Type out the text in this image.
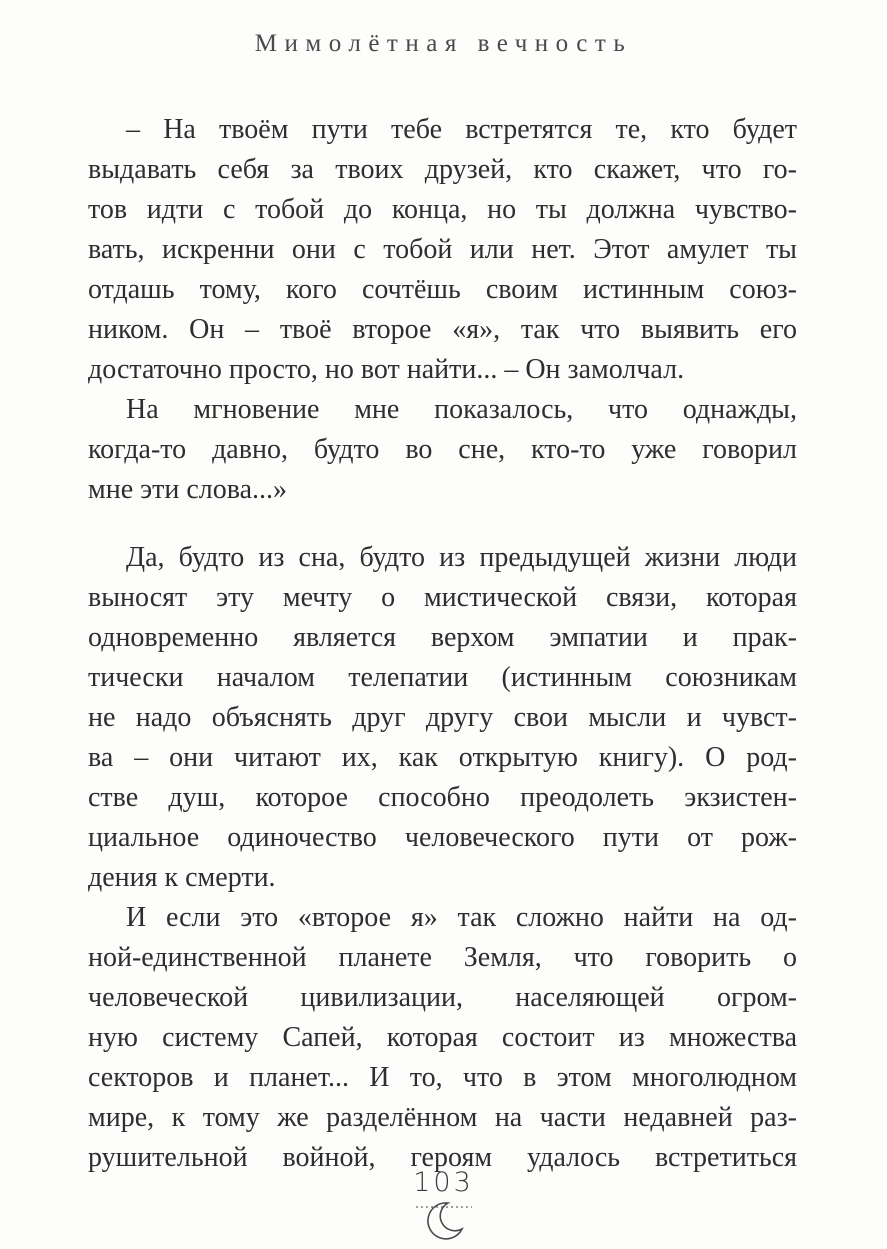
Мимолётная вечность
– На твоём пути тебе встретятся те, кто будет
выдавать себя за твоих друзей, кто скажет, что го-
тов идти с тобой до конца, но ты должна чувство-
вать, искренни они с тобой или нет. Этот амулет ты
отдашь тому, кого сочтёшь своим истинным союз-
ником. Он – твоё второе «я», так что выявить его
достаточно просто, но вот найти... – Он замолчал.
На мгновение мне показалось, что однажды,
когда-то давно, будто во сне, кто-то уже говорил
мне эти слова...»
Да, будто из сна, будто из предыдущей жизни люди
выносят эту мечту о мистической связи, которая
одновременно является верхом эмпатии и прак-
тически началом телепатии (истинным союзникам
не надо объяснять друг другу свои мысли и чувст-
ва – они читают их, как открытую книгу). О род-
стве душ, которое способно преодолеть экзистен-
циальное одиночество человеческого пути от рож-
дения к смерти.
И если это «второе я» так сложно найти на од-
ной-единственной планете Земля, что говорить о
человеческой цивилизации, населяющей огром-
ную систему Сапей, которая состоит из множества
секторов и планет... И то, что в этом многолюдном
мире, к тому же разделённом на части недавней раз-
рушительной войной, героям удалось встретиться
103
